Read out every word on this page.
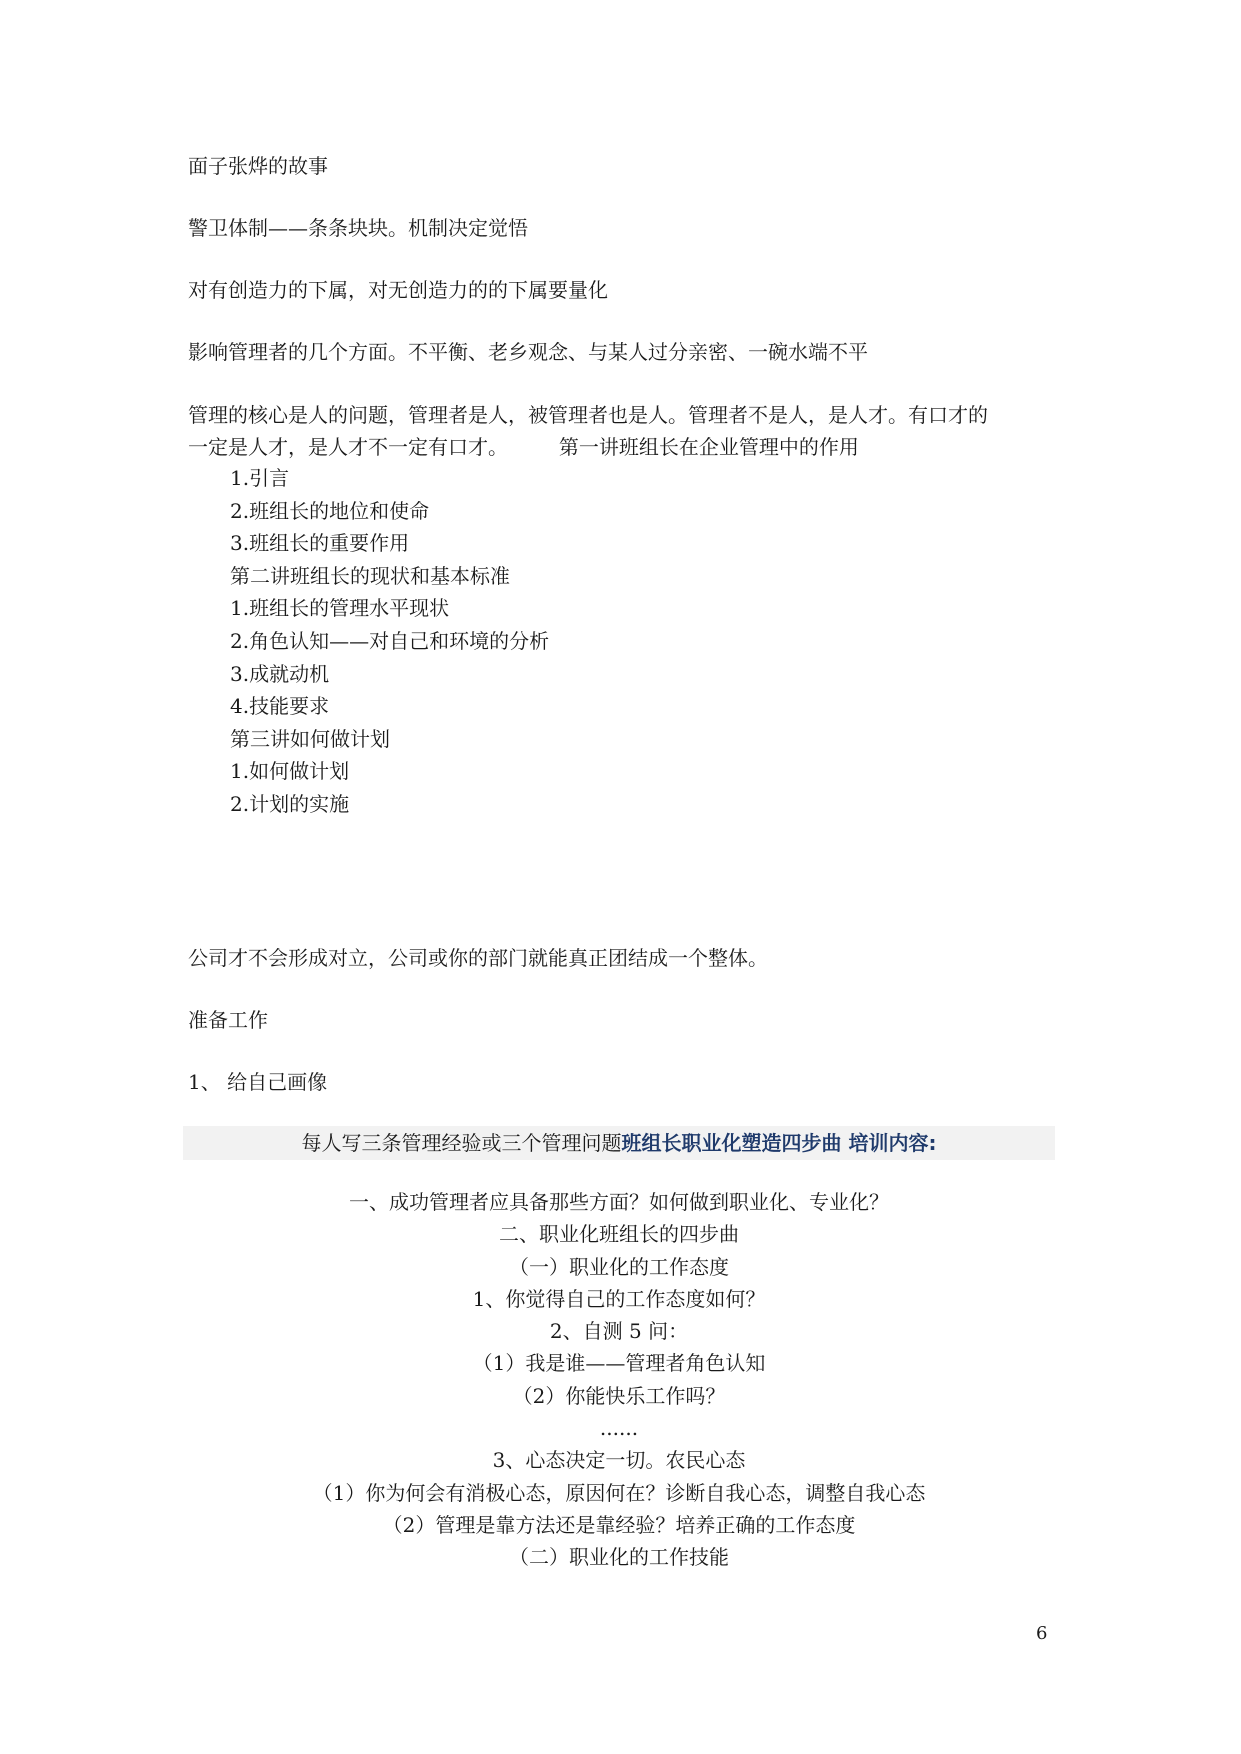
面子张烨的故事

警卫体制——条条块块。机制决定觉悟

对有创造力的下属，对无创造力的的下属要量化

影响管理者的几个方面。不平衡、老乡观念、与某人过分亲密、一碗水端不平

管理的核心是人的问题，管理者是人，被管理者也是人。管理者不是人，是人才。有口才的

一定是人才，是人才不一定有口才。        第一讲班组长在企业管理中的作用

1.引言
2.班组长的地位和使命
3.班组长的重要作用
第二讲班组长的现状和基本标准
1.班组长的管理水平现状
2.角色认知——对自己和环境的分析
3.成就动机
4.技能要求
第三讲如何做计划
1.如何做计划
2.计划的实施

公司才不会形成对立，公司或你的部门就能真正团结成一个整体。

准备工作

1、 给自己画像

每人写三条管理经验或三个管理问题班组长职业化塑造四步曲 培训内容:
一、成功管理者应具备那些方面？如何做到职业化、专业化？
二、职业化班组长的四步曲
（一）职业化的工作态度
1、你觉得自己的工作态度如何？
2、自测 5 问：
（1）我是谁——管理者角色认知
（2）你能快乐工作吗？
......
3、心态决定一切。农民心态
（1）你为何会有消极心态，原因何在？诊断自我心态，调整自我心态
（2）管理是靠方法还是靠经验？培养正确的工作态度
（二）职业化的工作技能
6
